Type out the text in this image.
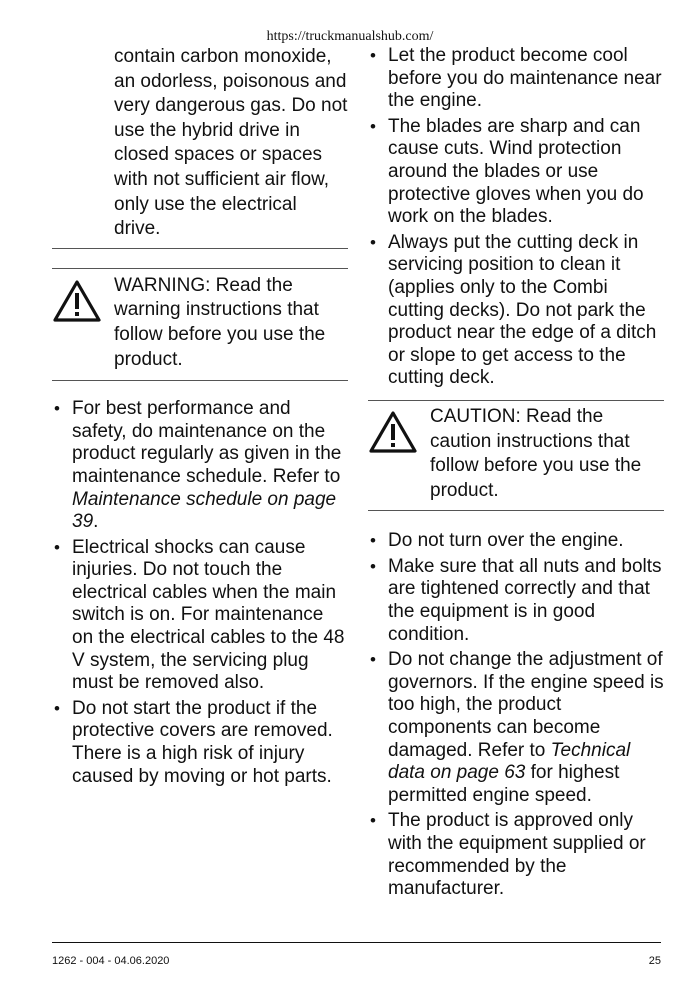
https://truckmanualshub.com/

contain carbon monoxide, an odorless, poisonous and very dangerous gas. Do not use the hybrid drive in closed spaces or spaces with not sufficient air flow, only use the electrical drive.

WARNING: Read the warning instructions that follow before you use the product.
• For best performance and safety, do maintenance on the product regularly as given in the maintenance schedule. Refer to Maintenance schedule on page 39.
• Electrical shocks can cause injuries. Do not touch the electrical cables when the main switch is on. For maintenance on the electrical cables to the 48 V system, the servicing plug must be removed also.
• Do not start the product if the protective covers are removed. There is a high risk of injury caused by moving or hot parts.
• Let the product become cool before you do maintenance near the engine.
• The blades are sharp and can cause cuts. Wind protection around the blades or use protective gloves when you do work on the blades.
• Always put the cutting deck in servicing position to clean it (applies only to the Combi cutting decks). Do not park the product near the edge of a ditch or slope to get access to the cutting deck.
CAUTION: Read the caution instructions that follow before you use the product.
• Do not turn over the engine.
• Make sure that all nuts and bolts are tightened correctly and that the equipment is in good condition.
• Do not change the adjustment of governors. If the engine speed is too high, the product components can become damaged. Refer to Technical data on page 63 for highest permitted engine speed.
• The product is approved only with the equipment supplied or recommended by the manufacturer.
1262 - 004 - 04.06.2020	25
